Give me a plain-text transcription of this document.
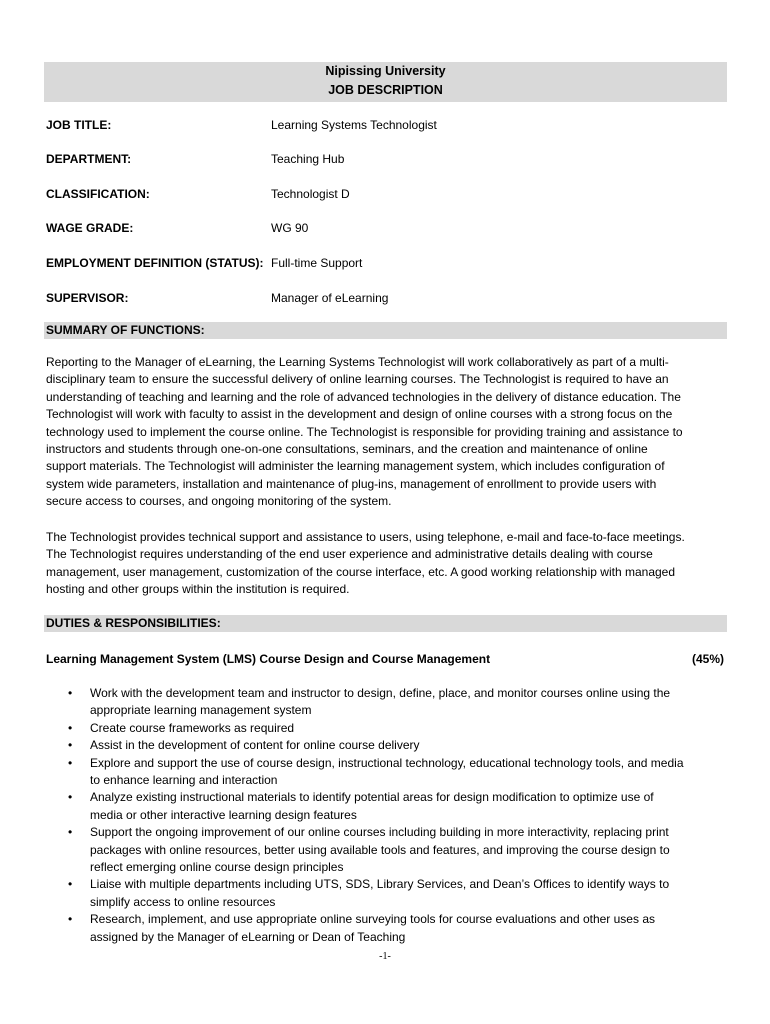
Nipissing University
JOB DESCRIPTION
JOB TITLE:	Learning Systems Technologist
DEPARTMENT:	Teaching Hub
CLASSIFICATION:	Technologist D
WAGE GRADE:	WG 90
EMPLOYMENT DEFINITION (STATUS): Full-time Support
SUPERVISOR:	Manager of eLearning
SUMMARY OF FUNCTIONS:
Reporting to the Manager of eLearning, the Learning Systems Technologist will work collaboratively as part of a multi-
disciplinary team to ensure the successful delivery of online learning courses. The Technologist is required to have an
understanding of teaching and learning and the role of advanced technologies in the delivery of distance education. The
Technologist will work with faculty to assist in the development and design of online courses with a strong focus on the
technology used to implement the course online. The Technologist is responsible for providing training and assistance to
instructors and students through one-on-one consultations, seminars, and the creation and maintenance of online
support materials. The Technologist will administer the learning management system, which includes configuration of
system wide parameters, installation and maintenance of plug-ins, management of enrollment to provide users with
secure access to courses, and ongoing monitoring of the system.
The Technologist provides technical support and assistance to users, using telephone, e-mail and face-to-face meetings.
The Technologist requires understanding of the end user experience and administrative details dealing with course
management, user management, customization of the course interface, etc. A good working relationship with managed
hosting and other groups within the institution is required.
DUTIES & RESPONSIBILITIES:
Learning Management System (LMS) Course Design and Course Management	(45%)
• Work with the development team and instructor to design, define, place, and monitor courses online using the
appropriate learning management system
• Create course frameworks as required
• Assist in the development of content for online course delivery
• Explore and support the use of course design, instructional technology, educational technology tools, and media
to enhance learning and interaction
• Analyze existing instructional materials to identify potential areas for design modification to optimize use of
media or other interactive learning design features
• Support the ongoing improvement of our online courses including building in more interactivity, replacing print
packages with online resources, better using available tools and features, and improving the course design to
reflect emerging online course design principles
• Liaise with multiple departments including UTS, SDS, Library Services, and Dean’s Offices to identify ways to
simplify access to online resources
• Research, implement, and use appropriate online surveying tools for course evaluations and other uses as
assigned by the Manager of eLearning or Dean of Teaching
-1-
